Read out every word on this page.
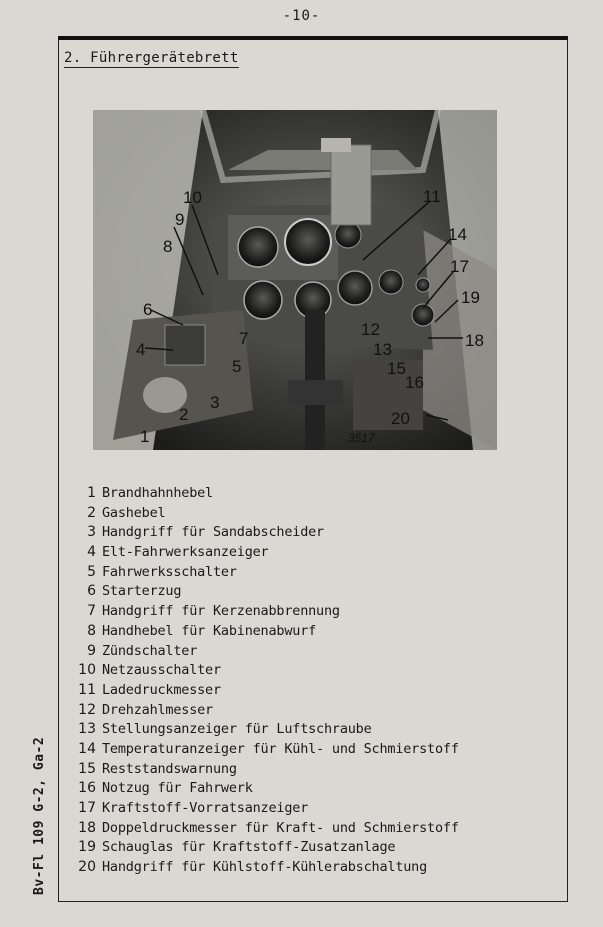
-10-
2. Führergerätebrett
Bv-Fl 109 G-2, Ga-2
1
2
3
4
5
6
7
8
9
10	11
12
13
14
15
16
17
18
19
20
3517
1 Brandhahnhebel
2 Gashebel
3 Handgriff für Sandabscheider
4 Elt-Fahrwerksanzeiger
5 Fahrwerksschalter
6 Starterzug
7 Handgriff für Kerzenabbrennung
8 Handhebel für Kabinenabwurf
9 Zündschalter
10 Netzausschalter
11 Ladedruckmesser
12 Drehzahlmesser
13 Stellungsanzeiger für Luftschraube
14 Temperaturanzeiger für Kühl- und Schmierstoff
15 Reststandswarnung
16 Notzug für Fahrwerk
17 Kraftstoff-Vorratsanzeiger
18 Doppeldruckmesser für Kraft- und Schmierstoff
19 Schauglas für Kraftstoff-Zusatzanlage
20 Handgriff für Kühlstoff-Kühlerabschaltung
